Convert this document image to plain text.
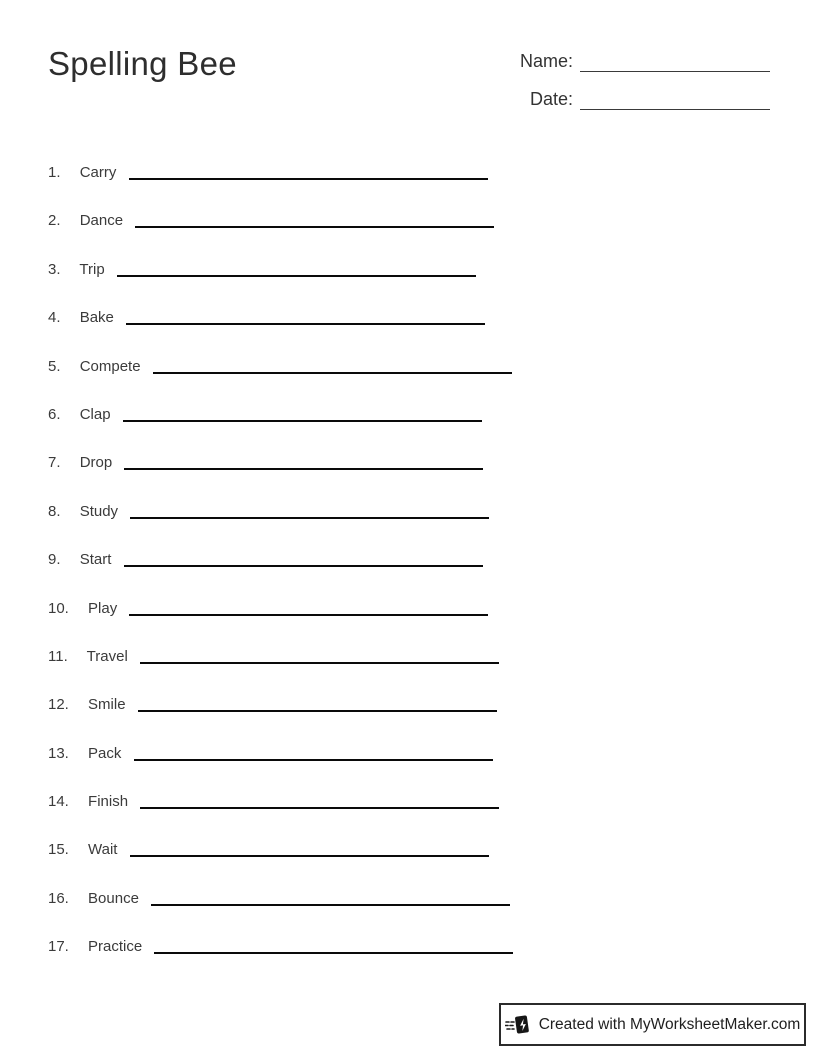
Spelling Bee	Name:
Date:
1. Carry
2. Dance
3. Trip
4. Bake
5. Compete
6. Clap
7. Drop
8. Study
9. Start
10. Play
11. Travel
12. Smile
13. Pack
14. Finish
15. Wait
16. Bounce
17. Practice
Created with MyWorksheetMaker.com
